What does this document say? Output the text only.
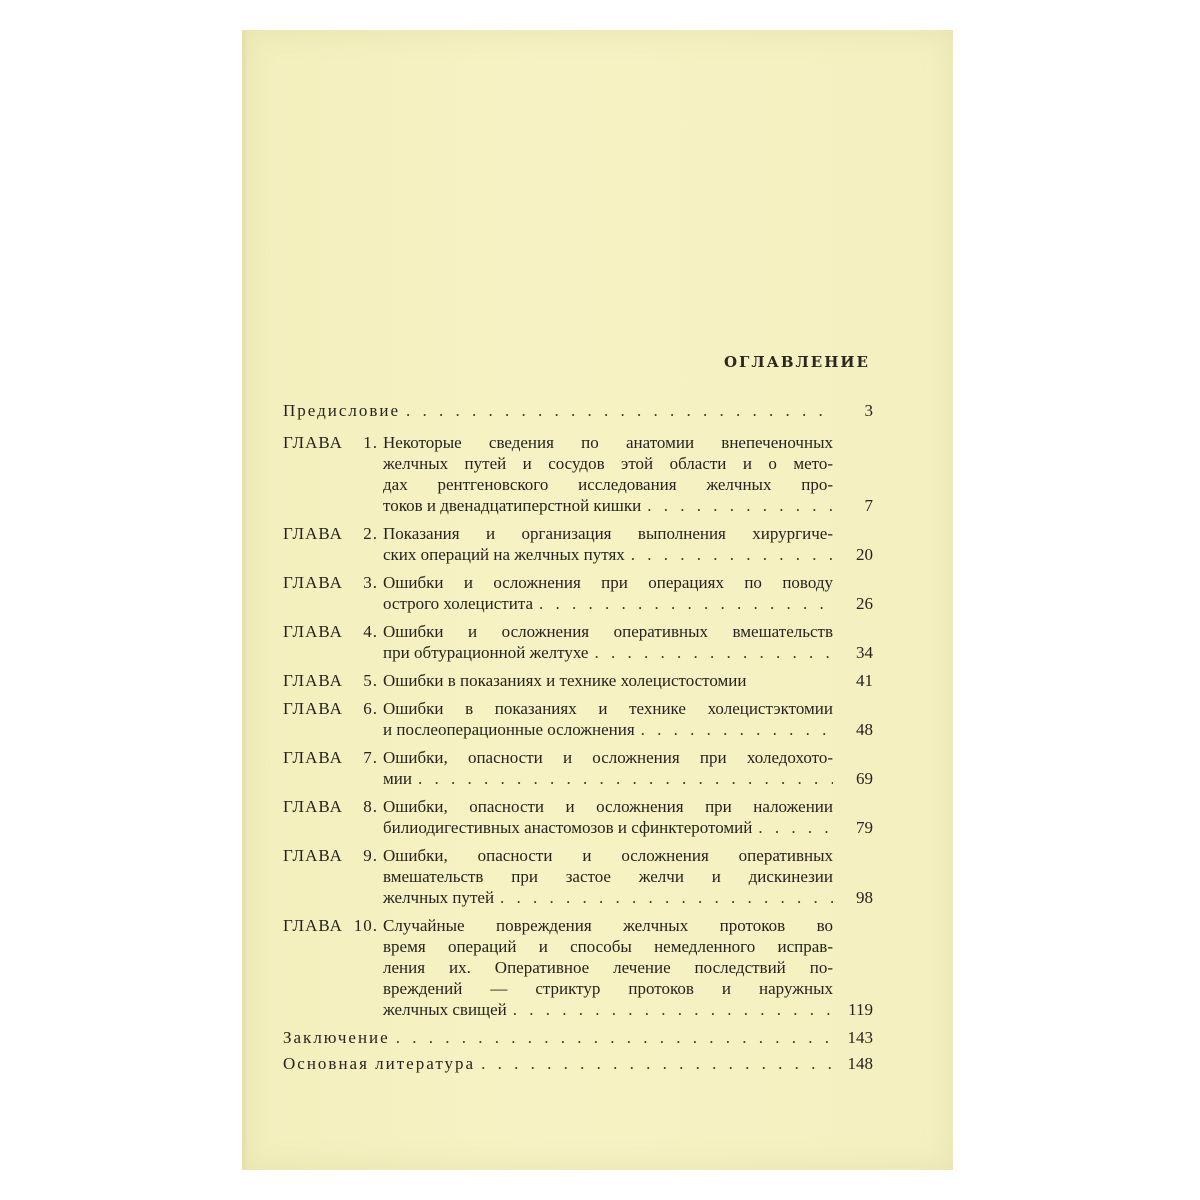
ОГЛАВЛЕНИЕ
Предисловие . . .	3
ГЛАВА 1. Некоторые сведения по анатомии внепеченочных
желчных путей и сосудов этой области и о мето-
дах рентгеновского исследования желчных про-
токов и двенадцатиперстной кишки . . .	7
ГЛАВА 2. Показания и организация выполнения хирургиче-
ских операций на желчных путях . . .	20
ГЛАВА 3. Ошибки и осложнения при операциях по поводу
острого холецистита . . .	26
ГЛАВА 4. Ошибки и осложнения оперативных вмешательств
при обтурационной желтухе . . .	34
ГЛАВА 5. Ошибки в показаниях и технике холецистостомии	41
ГЛАВА 6. Ошибки в показаниях и технике холецистэктомии
и послеоперационные осложнения . . .	48
ГЛАВА 7. Ошибки, опасности и осложнения при холедохото-
мии . . .	69
ГЛАВА 8. Ошибки, опасности и осложнения при наложении
билиодигестивных анастомозов и сфинктеротомий . . .	79
ГЛАВА 9. Ошибки, опасности и осложнения оперативных
вмешательств при застое желчи и дискинезии
желчных путей . . .	98
ГЛАВА 10. Случайные повреждения желчных протоков во
время операций и способы немедленного исправ-
ления их. Оперативное лечение последствий по-
вреждений — стриктур протоков и наружных
желчных свищей . . .	119
Заключение . . .	143
Основная литература . . .	148
